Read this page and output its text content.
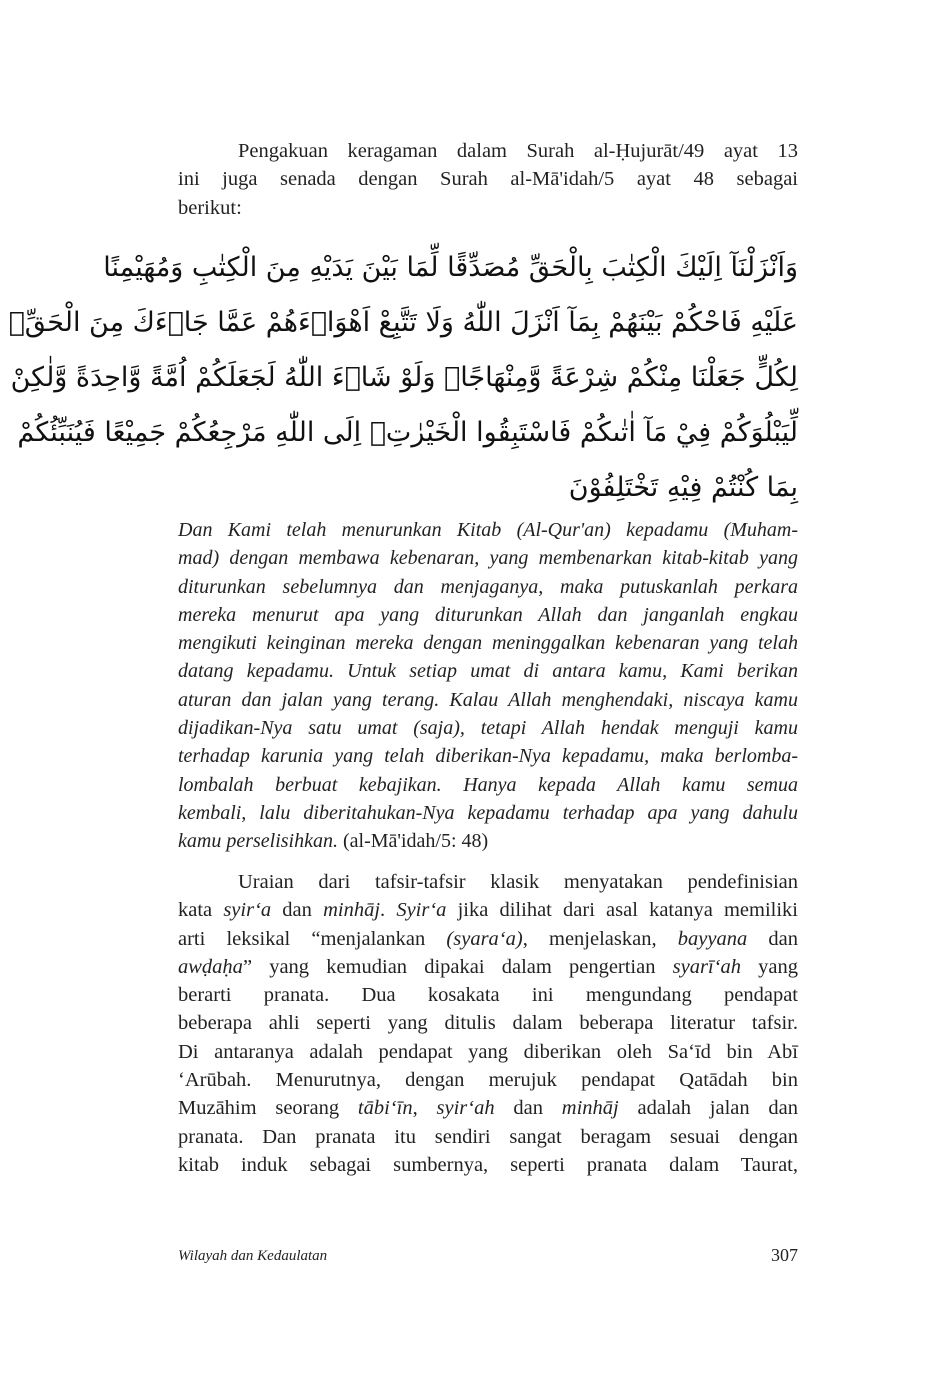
Pengakuan keragaman dalam Surah al-Ḥujurāt/49 ayat 13
ini juga senada dengan Surah al-Mā'idah/5 ayat 48 sebagai
berikut:
وَاَنْزَلْنَآ اِلَيْكَ الْكِتٰبَ بِالْحَقِّ مُصَدِّقًا لِّمَا بَيْنَ يَدَيْهِ مِنَ الْكِتٰبِ وَمُهَيْمِنًا
عَلَيْهِ فَاحْكُمْ بَيْنَهُمْ بِمَآ اَنْزَلَ اللّٰهُ وَلَا تَتَّبِعْ اَهْوَاۤءَهُمْ عَمَّا جَاۤءَكَ مِنَ الْحَقِّۗ
لِكُلٍّ جَعَلْنَا مِنْكُمْ شِرْعَةً وَّمِنْهَاجًاۗ وَلَوْ شَاۤءَ اللّٰهُ لَجَعَلَكُمْ اُمَّةً وَّاحِدَةً وَّلٰكِنْ
لِّيَبْلُوَكُمْ فِيْ مَآ اٰتٰىكُمْ فَاسْتَبِقُوا الْخَيْرٰتِۗ اِلَى اللّٰهِ مَرْجِعُكُمْ جَمِيْعًا فَيُنَبِّئُكُمْ
بِمَا كُنْتُمْ فِيْهِ تَخْتَلِفُوْنَ
Dan Kami telah menurunkan Kitab (Al-Qur'an) kepadamu (Muham-
mad) dengan membawa kebenaran, yang membenarkan kitab-kitab yang
diturunkan sebelumnya dan menjaganya, maka putuskanlah perkara
mereka menurut apa yang diturunkan Allah dan janganlah engkau
mengikuti keinginan mereka dengan meninggalkan kebenaran yang telah
datang kepadamu. Untuk setiap umat di antara kamu, Kami berikan
aturan dan jalan yang terang. Kalau Allah menghendaki, niscaya kamu
dijadikan-Nya satu umat (saja), tetapi Allah hendak menguji kamu
terhadap karunia yang telah diberikan-Nya kepadamu, maka berlomba-
lombalah berbuat kebajikan. Hanya kepada Allah kamu semua
kembali, lalu diberitahukan-Nya kepadamu terhadap apa yang dahulu
kamu perselisihkan. (al-Mā'idah/5: 48)
Uraian dari tafsir-tafsir klasik menyatakan pendefinisian
kata syir‘a dan minhāj. Syir‘a jika dilihat dari asal katanya memiliki
arti leksikal “menjalankan (syara‘a), menjelaskan, bayyana dan
awḍaḥa” yang kemudian dipakai dalam pengertian syarī‘ah yang
berarti pranata. Dua kosakata ini mengundang pendapat
beberapa ahli seperti yang ditulis dalam beberapa literatur tafsir.
Di antaranya adalah pendapat yang diberikan oleh Sa‘īd bin Abī
‘Arūbah. Menurutnya, dengan merujuk pendapat Qatādah bin
Muzāhim seorang tābi‘īn, syir‘ah dan minhāj adalah jalan dan
pranata. Dan pranata itu sendiri sangat beragam sesuai dengan
kitab induk sebagai sumbernya, seperti pranata dalam Taurat,
Wilayah dan Kedaulatan	307
